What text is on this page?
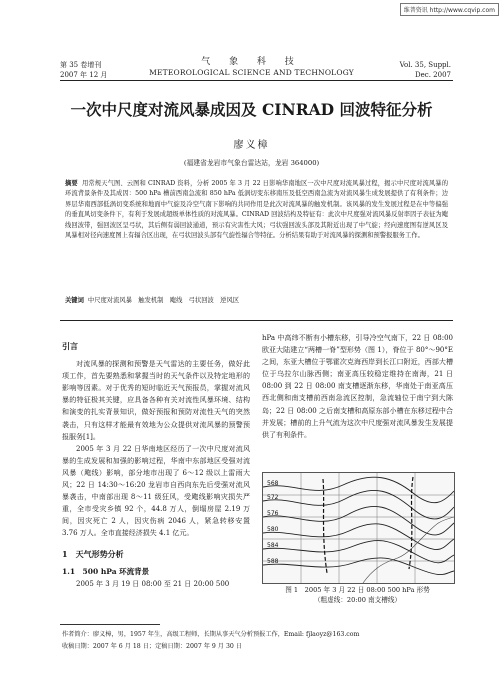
维普资讯 http://www.cqvip.com
第 35 卷增刊
2007 年 12 月
气 象 科 技
METEOROLOGICAL SCIENCE AND TECHNOLOGY
Vol. 35, Suppl.
Dec. 2007
一次中尺度对流风暴成因及 CINRAD 回波特征分析
廖义樟
(福建省龙岩市气象台雷达站，龙岩 364000)
摘要 用常规天气图、云图和 CINRAD 资料，分析 2005 年 3 月 22 日影响华南地区一次中尺度对流风暴过程，揭示中尺度对流风暴的环流背景条件及其成因：500 hPa 槽前西南急流和 850 hPa 低涡切变东移南压及低空西南急流为对流风暴生成发展提供了有利条件；边界层华南西部低涡切变系统和地面中气旋及冷空气南下影响的共同作用是此次对流风暴的触发机制。该风暴的发生发展过程是在中等偏强的垂直风切变条件下，有利于发展成超级单体性质的对流风暴。CINRAD 回波结构及特征有：此次中尺度强对流风暴反射率因子表征为飑线回波带，强回波区呈弓状，其后侧有弱回波通道，预示有灾害性大风；弓状强回波头部及其附近出现了中气旋；经向速度图有逆风区及风暴相对径向速度图上有辐合区出现，在弓状回波头部有气旋性辐合等特征。分析结果有助于对流风暴的探测和预警报服务工作。
关键词 中尺度对流风暴　触发机制　飑线　弓状回波　逆风区
引言

对流风暴的探测和预警是天气雷达的主要任务，做好此项工作，首先要熟悉和掌握当时的天气条件以及特定地形的影响等因素。对于优秀的短时临近天气预报员，掌握对流风暴的特征极其关键，应具备各种有关对流性风暴环境、结构和演变的扎实背景知识，做好预报和预防对流性天气的突然袭击，只有这样才能最有效地为公众提供对流风暴的预警预报服务[1]。

2005 年 3 月 22 日华南地区经历了一次中尺度对流风暴的生成发展和加强的影响过程，华南中东部地区受强对流风暴（飑线）影响，部分地市出现了 6～12 级以上雷雨大风；22 日 14:30～16:20 龙岩市自西向东先后受强对流风暴袭击，中南部出现 8～11 级狂风，受飑线影响灾损失严重，全市受灾乡镇 92 个，44.8 万人，倒塌房屋 2.19 万间，因灾死亡 2 人，因灾伤病 2046 人，紧急转移安置 3.76 万人。全市直接经济损失 4.1 亿元。

1　天气形势分析
1.1　500 hPa 环流背景

2005 年 3 月 19 日 08:00 至 21 日 20:00 500

hPa 中高纬不断有小槽东移，引导冷空气南下，22 日 08:00 欧亚大陆建立“两槽一脊”型形势（图 1），脊位于 80°～90°E 之间，东亚大槽位于鄂霍次克海西岸到长江口附近，西部大槽位于乌拉尔山脉西侧；南亚高压较稳定维持在南海，21 日 08:00 到 22 日 08:00 南支槽逐渐东移，华南处于南亚高压西北侧和南支槽前西南急流区控制，急流轴位于南宁到大陈岛；22 日 08:00 之后南支槽和高原东部小槽在东移过程中合并发展；槽前的上升气流为这次中尺度强对流风暴发生发展提供了有利条件。

568
572
576
580
584
588
图 1　2005 年 3 月 22 日 08:00 500 hPa 形势
（粗虚线：20:00 南支槽线）
作者简介：廖义樟，男，1957 年生，高级工程师，长期从事天气分析预报工作，Email: fjlaoyz@163.com
收稿日期：2007 年 6 月 18 日；定稿日期：2007 年 9 月 30 日
